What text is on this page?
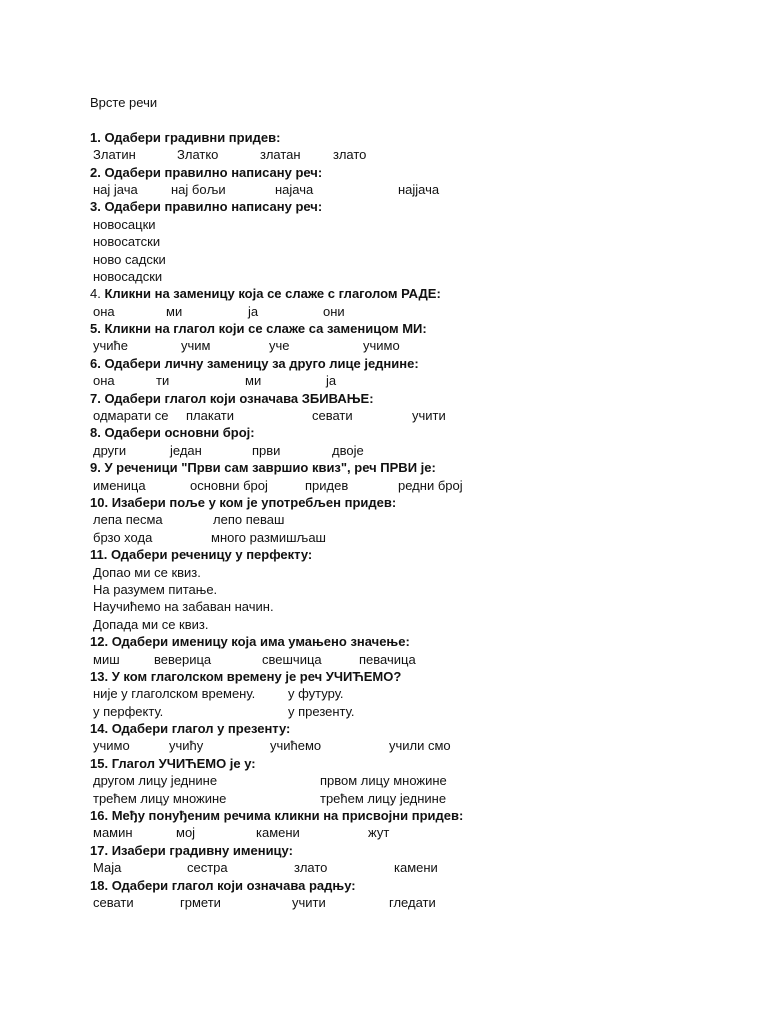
Врсте речи
1. Одабери градивни придев:
Златин	Златко	златан злато
2. Одабери правилно написану реч:
нај јача	нај бољи	најача	најјача
3. Одабери правилно написану реч:
новосацки
новосатски
ново садски
новосадски
4. Кликни на заменицу која се слаже с глаголом РАДЕ:
она	ми	ја	они
5. Кликни на глагол који се слаже са заменицом МИ:
учиће	учим	уче	учимо
6. Одабери личну заменицу за друго лице једнине:
она	ти	ми	ја
7. Одабери глагол који означава ЗБИВАЊЕ:
одмарати се плакати	севати	учити
8. Одабери основни број:
други	један	први	двоје
9. У реченици "Први сам завршио квиз", реч ПРВИ је:
именица	основни број	придев	редни број
10. Изабери поље у ком је употребљен придев:
лепа песма	лепо певаш
брзо хода	много размишљаш
11. Одабери реченицу у перфекту:
Допао ми се квиз.
На разумем питање.
Научићемо на забаван начин.
Допада ми се квиз.
12. Одабери именицу која има умањено значење:
миш	веверица	свешчица	певачица
13. У ком глаголском времену је реч УЧИЋЕМО?
није у глаголском времену.	у футуру.
у перфекту.	у презенту.
14. Одабери глагол у презенту:
учимо	учићу	учићемо	учили смо
15. Глагол УЧИЋЕМО је у:
другом лицу једнине	првом лицу множине
трећем лицу множине	трећем лицу једнине
16. Међу понуђеним речима кликни на присвојни придев:
мамин	мој	камени	жут
17. Изабери градивну именицу:
Маја	сестра	злато	камени
18. Одабери глагол који означава радњу:
севати	грмети	учити	гледати
